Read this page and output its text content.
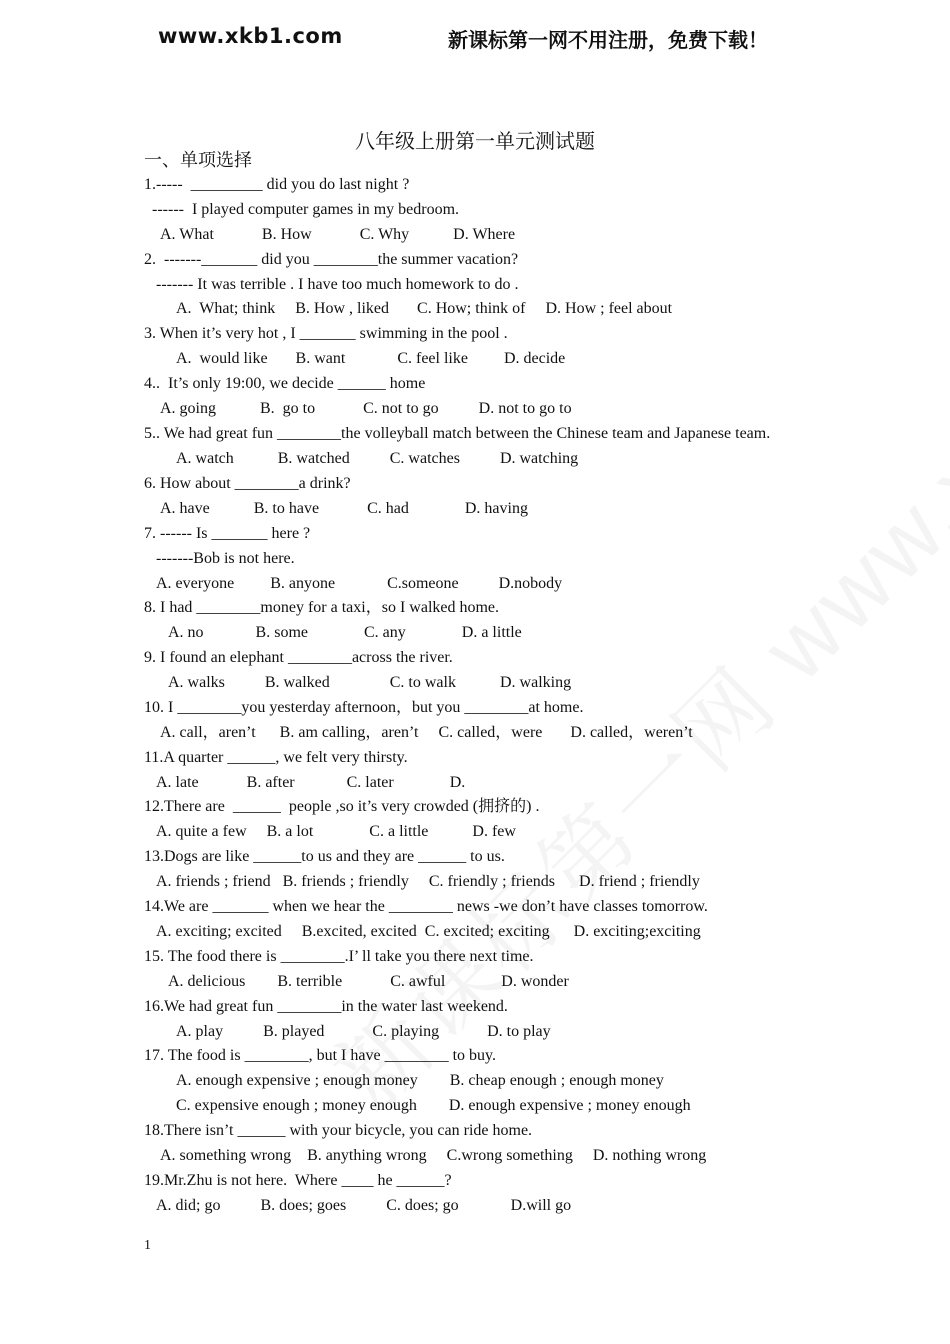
www.xkb1.com	新课标第一网不用注册，免费下载！
八年级上册第一单元测试题
一、单项选择
1.-----  _________ did you do last night ?
------  I played computer games in my bedroom.
A. What            B. How            C. Why           D. Where
2.  -------_______ did you ________the summer vacation?
------- It was terrible . I have too much homework to do .
A.  What; think     B. How , liked       C. How; think of     D. How ; feel about
3. When it’s very hot , I _______ swimming in the pool .
A.  would like       B. want             C. feel like         D. decide
4..  It’s only 19:00, we decide ______ home
A. going           B.  go to            C. not to go          D. not to go to
5.. We had great fun ________the volleyball match between the Chinese team and Japanese team.
A. watch           B. watched          C. watches          D. watching
6. How about ________a drink?
A. have           B. to have            C. had              D. having
7. ------ Is _______ here ?
-------Bob is not here.
A. everyone         B. anyone             C.someone          D.nobody
8. I had ________money for a taxi，so I walked home.
A. no             B. some              C. any              D. a little
9. I found an elephant ________across the river.
A. walks          B. walked               C. to walk           D. walking
10. I ________you yesterday afternoon，but you ________at home.
A. call，aren’t      B. am calling，aren’t     C. called，were       D. called，weren’t
11.A quarter ______, we felt very thirsty.
A. late            B. after             C. later              D.
12.There are  ______  people ,so it’s very crowded (拥挤的) .
A. quite a few     B. a lot              C. a little           D. few
13.Dogs are like ______to us and they are ______ to us.
A. friends ; friend   B. friends ; friendly     C. friendly ; friends      D. friend ; friendly
14.We are _______ when we hear the ________ news -we don’t have classes tomorrow.
A. exciting; excited     B.excited, excited  C. excited; exciting      D. exciting;exciting
15. The food there is ________.I’ ll take you there next time.
A. delicious        B. terrible            C. awful              D. wonder
16.We had great fun ________in the water last weekend.
A. play          B. played            C. playing            D. to play
17. The food is ________, but I have ________ to buy.
A. enough expensive ; enough money        B. cheap enough ; enough money
C. expensive enough ; money enough        D. enough expensive ; money enough
18.There isn’t ______ with your bicycle, you can ride home.
A. something wrong    B. anything wrong     C.wrong something     D. nothing wrong
19.Mr.Zhu is not here.  Where ____ he ______?
A. did; go          B. does; goes          C. does; go             D.will go
1
